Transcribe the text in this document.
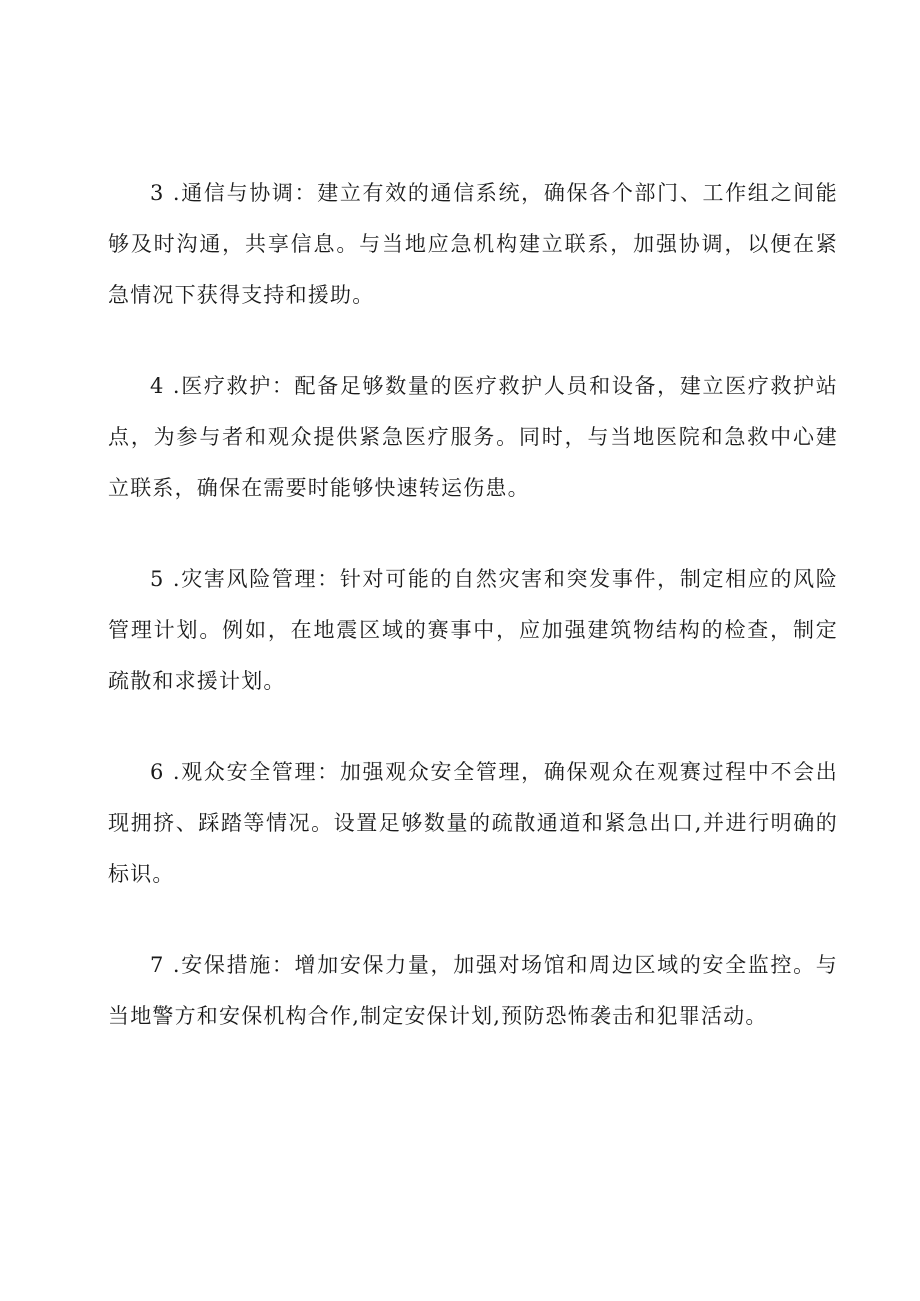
3 .通信与协调：建立有效的通信系统，确保各个部门、工作组之间能够及时沟通，共享信息。与当地应急机构建立联系，加强协调，以便在紧急情况下获得支持和援助。

4 .医疗救护：配备足够数量的医疗救护人员和设备，建立医疗救护站点，为参与者和观众提供紧急医疗服务。同时，与当地医院和急救中心建立联系，确保在需要时能够快速转运伤患。

5 .灾害风险管理：针对可能的自然灾害和突发事件，制定相应的风险管理计划。例如，在地震区域的赛事中，应加强建筑物结构的检查，制定疏散和求援计划。

6 .观众安全管理：加强观众安全管理，确保观众在观赛过程中不会出现拥挤、踩踏等情况。设置足够数量的疏散通道和紧急出口,并进行明确的标识。

7 .安保措施：增加安保力量，加强对场馆和周边区域的安全监控。与当地警方和安保机构合作,制定安保计划,预防恐怖袭击和犯罪活动。
